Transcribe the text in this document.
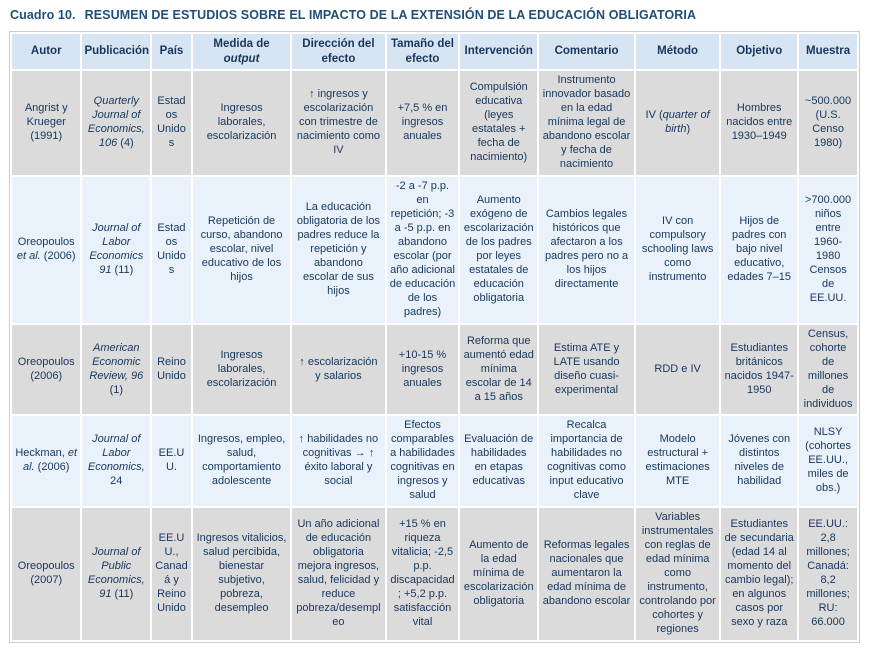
Cuadro 10. RESUMEN DE ESTUDIOS SOBRE EL IMPACTO DE LA EXTENSIÓN DE LA EDUCACIÓN OBLIGATORIA
Autor	Publicación	País	Medida de output	Dirección del efecto	Tamaño del efecto	Intervención	Comentario	Método	Objetivo	Muestra
Angrist y Krueger (1991)	Quarterly Journal of Economics, 106 (4)	Estados Unidos	Ingresos laborales, escolarización	↑ ingresos y escolarización con trimestre de nacimiento como IV	+7,5 % en ingresos anuales	Compulsión educativa (leyes estatales + fecha de nacimiento)	Instrumento innovador basado en la edad mínima legal de abandono escolar y fecha de nacimiento	IV (quarter of birth)	Hombres nacidos entre 1930–1949	~500.000 (U.S. Censo 1980)
Oreopoulos et al. (2006)	Journal of Labor Economics 91 (11)	Estados Unidos	Repetición de curso, abandono escolar, nivel educativo de los hijos	La educación obligatoria de los padres reduce la repetición y abandono escolar de sus hijos	-2 a -7 p.p. en repetición; -3 a -5 p.p. en abandono escolar (por año adicional de educación de los padres)	Aumento exógeno de escolarización de los padres por leyes estatales de educación obligatoria	Cambios legales históricos que afectaron a los padres pero no a los hijos directamente	IV con compulsory schooling laws como instrumento	Hijos de padres con bajo nivel educativo, edades 7–15	>700.000 niños entre 1960-1980 Censos de EE.UU.
Oreopoulos (2006)	American Economic Review, 96 (1)	Reino Unido	Ingresos laborales, escolarización	↑ escolarización y salarios	+10-15 % ingresos anuales	Reforma que aumentó edad mínima escolar de 14 a 15 años	Estima ATE y LATE usando diseño cuasi-experimental	RDD e IV	Estudiantes británicos nacidos 1947-1950	Census, cohorte de millones de individuos
Heckman, et al. (2006)	Journal of Labor Economics, 24	EE.UU.	Ingresos, empleo, salud, comportamiento adolescente	↑ habilidades no cognitivas → ↑ éxito laboral y social	Efectos comparables a habilidades cognitivas en ingresos y salud	Evaluación de habilidades en etapas educativas	Recalca importancia de habilidades no cognitivas como input educativo clave	Modelo estructural + estimaciones MTE	Jóvenes con distintos niveles de habilidad	NLSY (cohortes EE.UU., miles de obs.)
Oreopoulos (2007)	Journal of Public Economics, 91 (11)	EE.UU., Canadá y Reino Unido	Ingresos vitalicios, salud percibida, bienestar subjetivo, pobreza, desempleo	Un año adicional de educación obligatoria mejora ingresos, salud, felicidad y reduce pobreza/desempleo	+15 % en riqueza vitalicia; -2,5 p.p. discapacidad; +5,2 p.p. satisfacción vital	Aumento de la edad mínima de escolarización obligatoria	Reformas legales nacionales que aumentaron la edad mínima de abandono escolar	Variables instrumentales con reglas de edad mínima como instrumento, controlando por cohortes y regiones	Estudiantes de secundaria (edad 14 al momento del cambio legal); en algunos casos por sexo y raza	EE.UU.: 2,8 millones; Canadá: 8,2 millones; RU: 66.000
